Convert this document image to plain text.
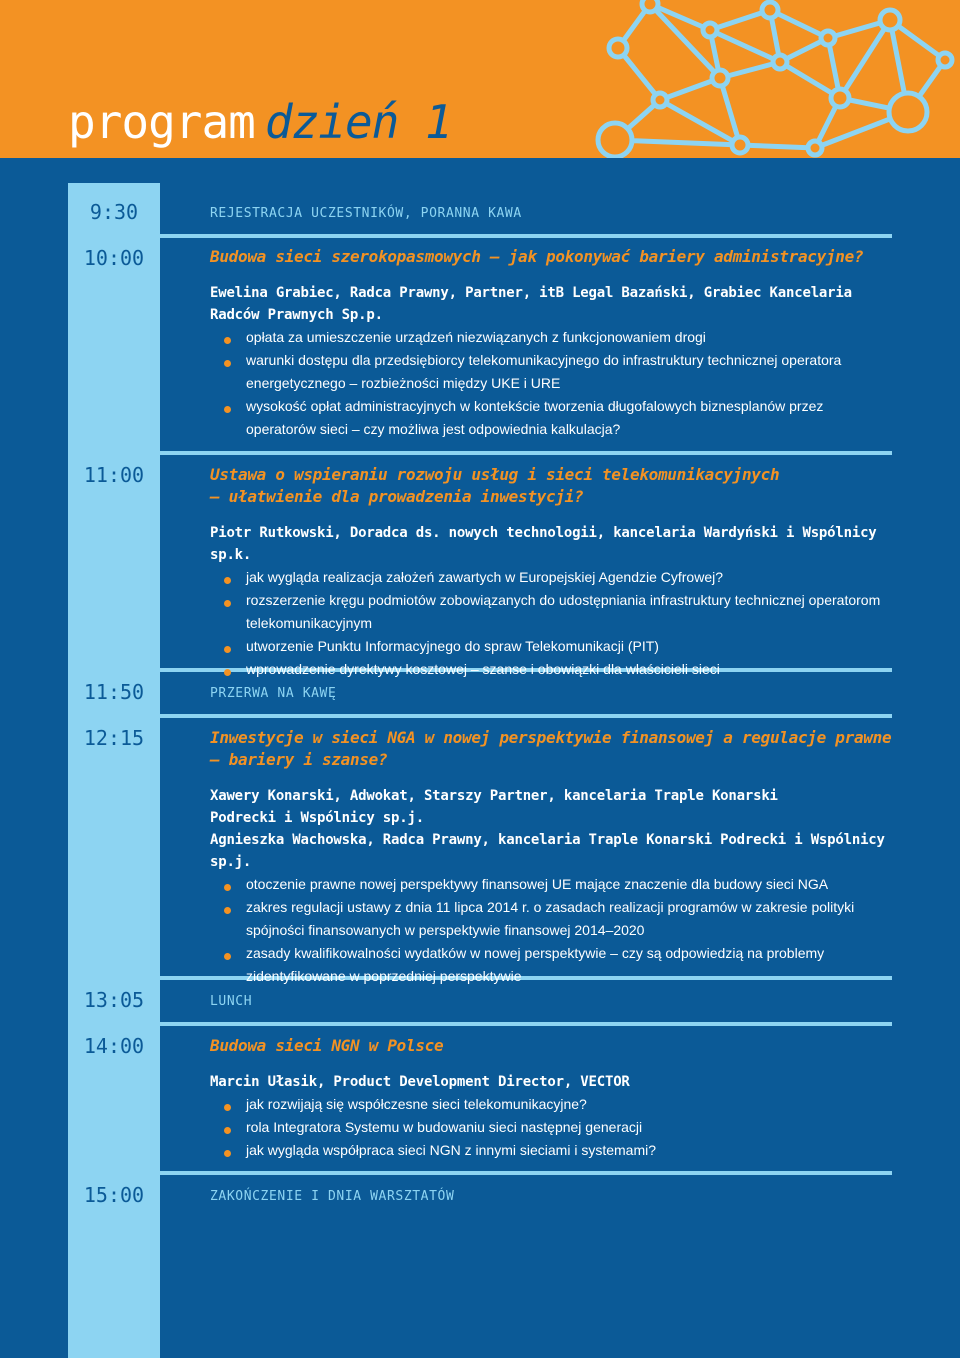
program dzień 1
9:30	REJESTRACJA UCZESTNIKÓW, PORANNA KAWA
10:00	Budowa sieci szerokopasmowych – jak pokonywać bariery administracyjne?

Ewelina Grabiec, Radca Prawny, Partner, itB Legal Bazański, Grabiec Kancelaria Radców Prawnych Sp.p.

opłata za umieszczenie urządzeń niezwiązanych z funkcjonowaniem drogi
warunki dostępu dla przedsiębiorcy telekomunikacyjnego do infrastruktury technicznej operatora energetycznego – rozbieżności między UKE i URE
wysokość opłat administracyjnych w kontekście tworzenia długofalowych biznesplanów przez operatorów sieci – czy możliwa jest odpowiednia kalkulacja?
11:00	Ustawa o wspieraniu rozwoju usług i sieci telekomunikacyjnych – ułatwienie dla prowadzenia inwestycji?

Piotr Rutkowski, Doradca ds. nowych technologii, kancelaria Wardyński i Wspólnicy sp.k.

jak wygląda realizacja założeń zawartych w Europejskiej Agendzie Cyfrowej?
rozszerzenie kręgu podmiotów zobowiązanych do udostępniania infrastruktury technicznej operatorom telekomunikacyjnym
utworzenie Punktu Informacyjnego do spraw Telekomunikacji (PIT)
wprowadzenie dyrektywy kosztowej – szanse i obowiązki dla właścicieli sieci
11:50	PRZERWA NA KAWĘ
12:15	Inwestycje w sieci NGA w nowej perspektywie finansowej a regulacje prawne – bariery i szanse?

Xawery Konarski, Adwokat, Starszy Partner, kancelaria Traple Konarski Podrecki i Wspólnicy sp.j.

Agnieszka Wachowska, Radca Prawny, kancelaria Traple Konarski Podrecki i Wspólnicy sp.j.

otoczenie prawne nowej perspektywy finansowej UE mające znaczenie dla budowy sieci NGA
zakres regulacji ustawy z dnia 11 lipca 2014 r. o zasadach realizacji programów w zakresie polityki spójności finansowanych w perspektywie finansowej 2014–2020
zasady kwalifikowalności wydatków w nowej perspektywie – czy są odpowiedzią na problemy zidentyfikowane w poprzedniej perspektywie
13:05	LUNCH
14:00	Budowa sieci NGN w Polsce

Marcin Ułasik, Product Development Director, VECTOR

jak rozwijają się współczesne sieci telekomunikacyjne?
rola Integratora Systemu w budowaniu sieci następnej generacji
jak wygląda współpraca sieci NGN z innymi sieciami i systemami?
15:00	ZAKOŃCZENIE I DNIA WARSZTATÓW
